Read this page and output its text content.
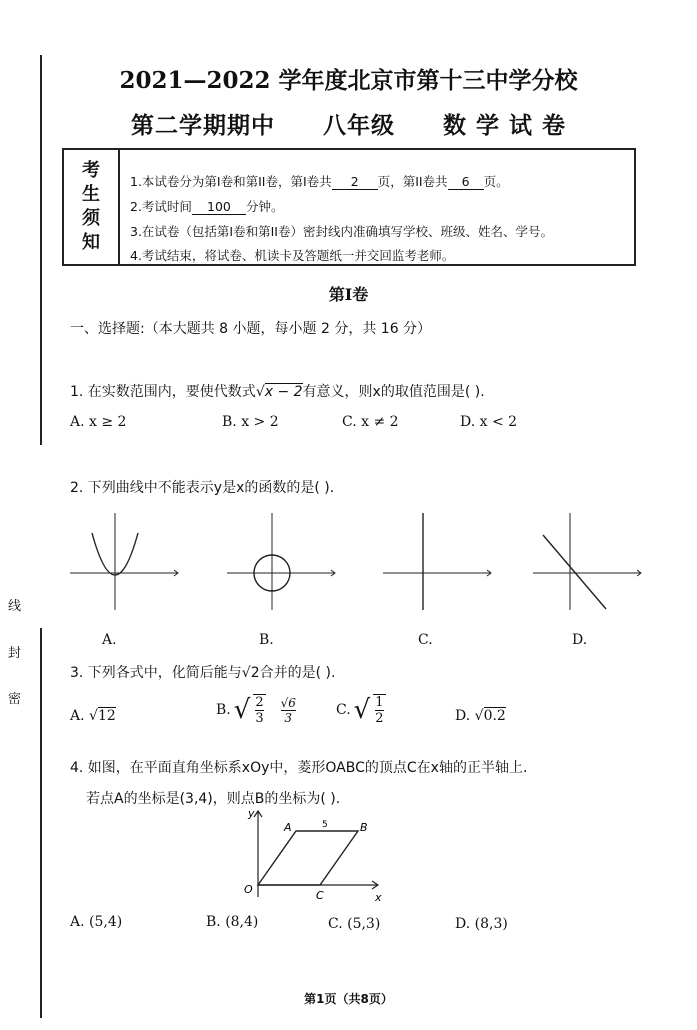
线
封
密
2021—2022 学年度北京市第十三中学分校
第二学期期中　　八年级　　数 学 试 卷
考
生
须
知
1.本试卷分为第I卷和第II卷，第I卷共 2 页，第II卷共 6 页。
2.考试时间 100 分钟。
3.在试卷（包括第I卷和第II卷）密封线内准确填写学校、班级、姓名、学号。
4.考试结束，将试卷、机读卡及答题纸一并交回监考老师。
第I卷
一、选择题:（本大题共 8 小题，每小题 2 分，共 16 分）
1. 在实数范围内，要使代数式√x − 2有意义，则x的取值范围是( ).
A. x ≥ 2	B. x > 2	C. x ≠ 2	D. x < 2
2. 下列曲线中不能表示y是x的函数的是( ).
A.	B.	C.	D.
3. 下列各式中，化简后能与√2合并的是( ).
A. √12	B. √ $\frac{2}{3} \frac{√6}{3}$	C. √ $\frac{1}{2}$	D. √0.2
4. 如图，在平面直角坐标系xOy中，菱形OABC的顶点C在x轴的正半轴上.
若点A的坐标是(3,4)，则点B的坐标为( ).
y
x
O
A	B
C
5
A. (5,4)	B. (8,4)	C. (5,3)	D. (8,3)
第1页（共8页）
